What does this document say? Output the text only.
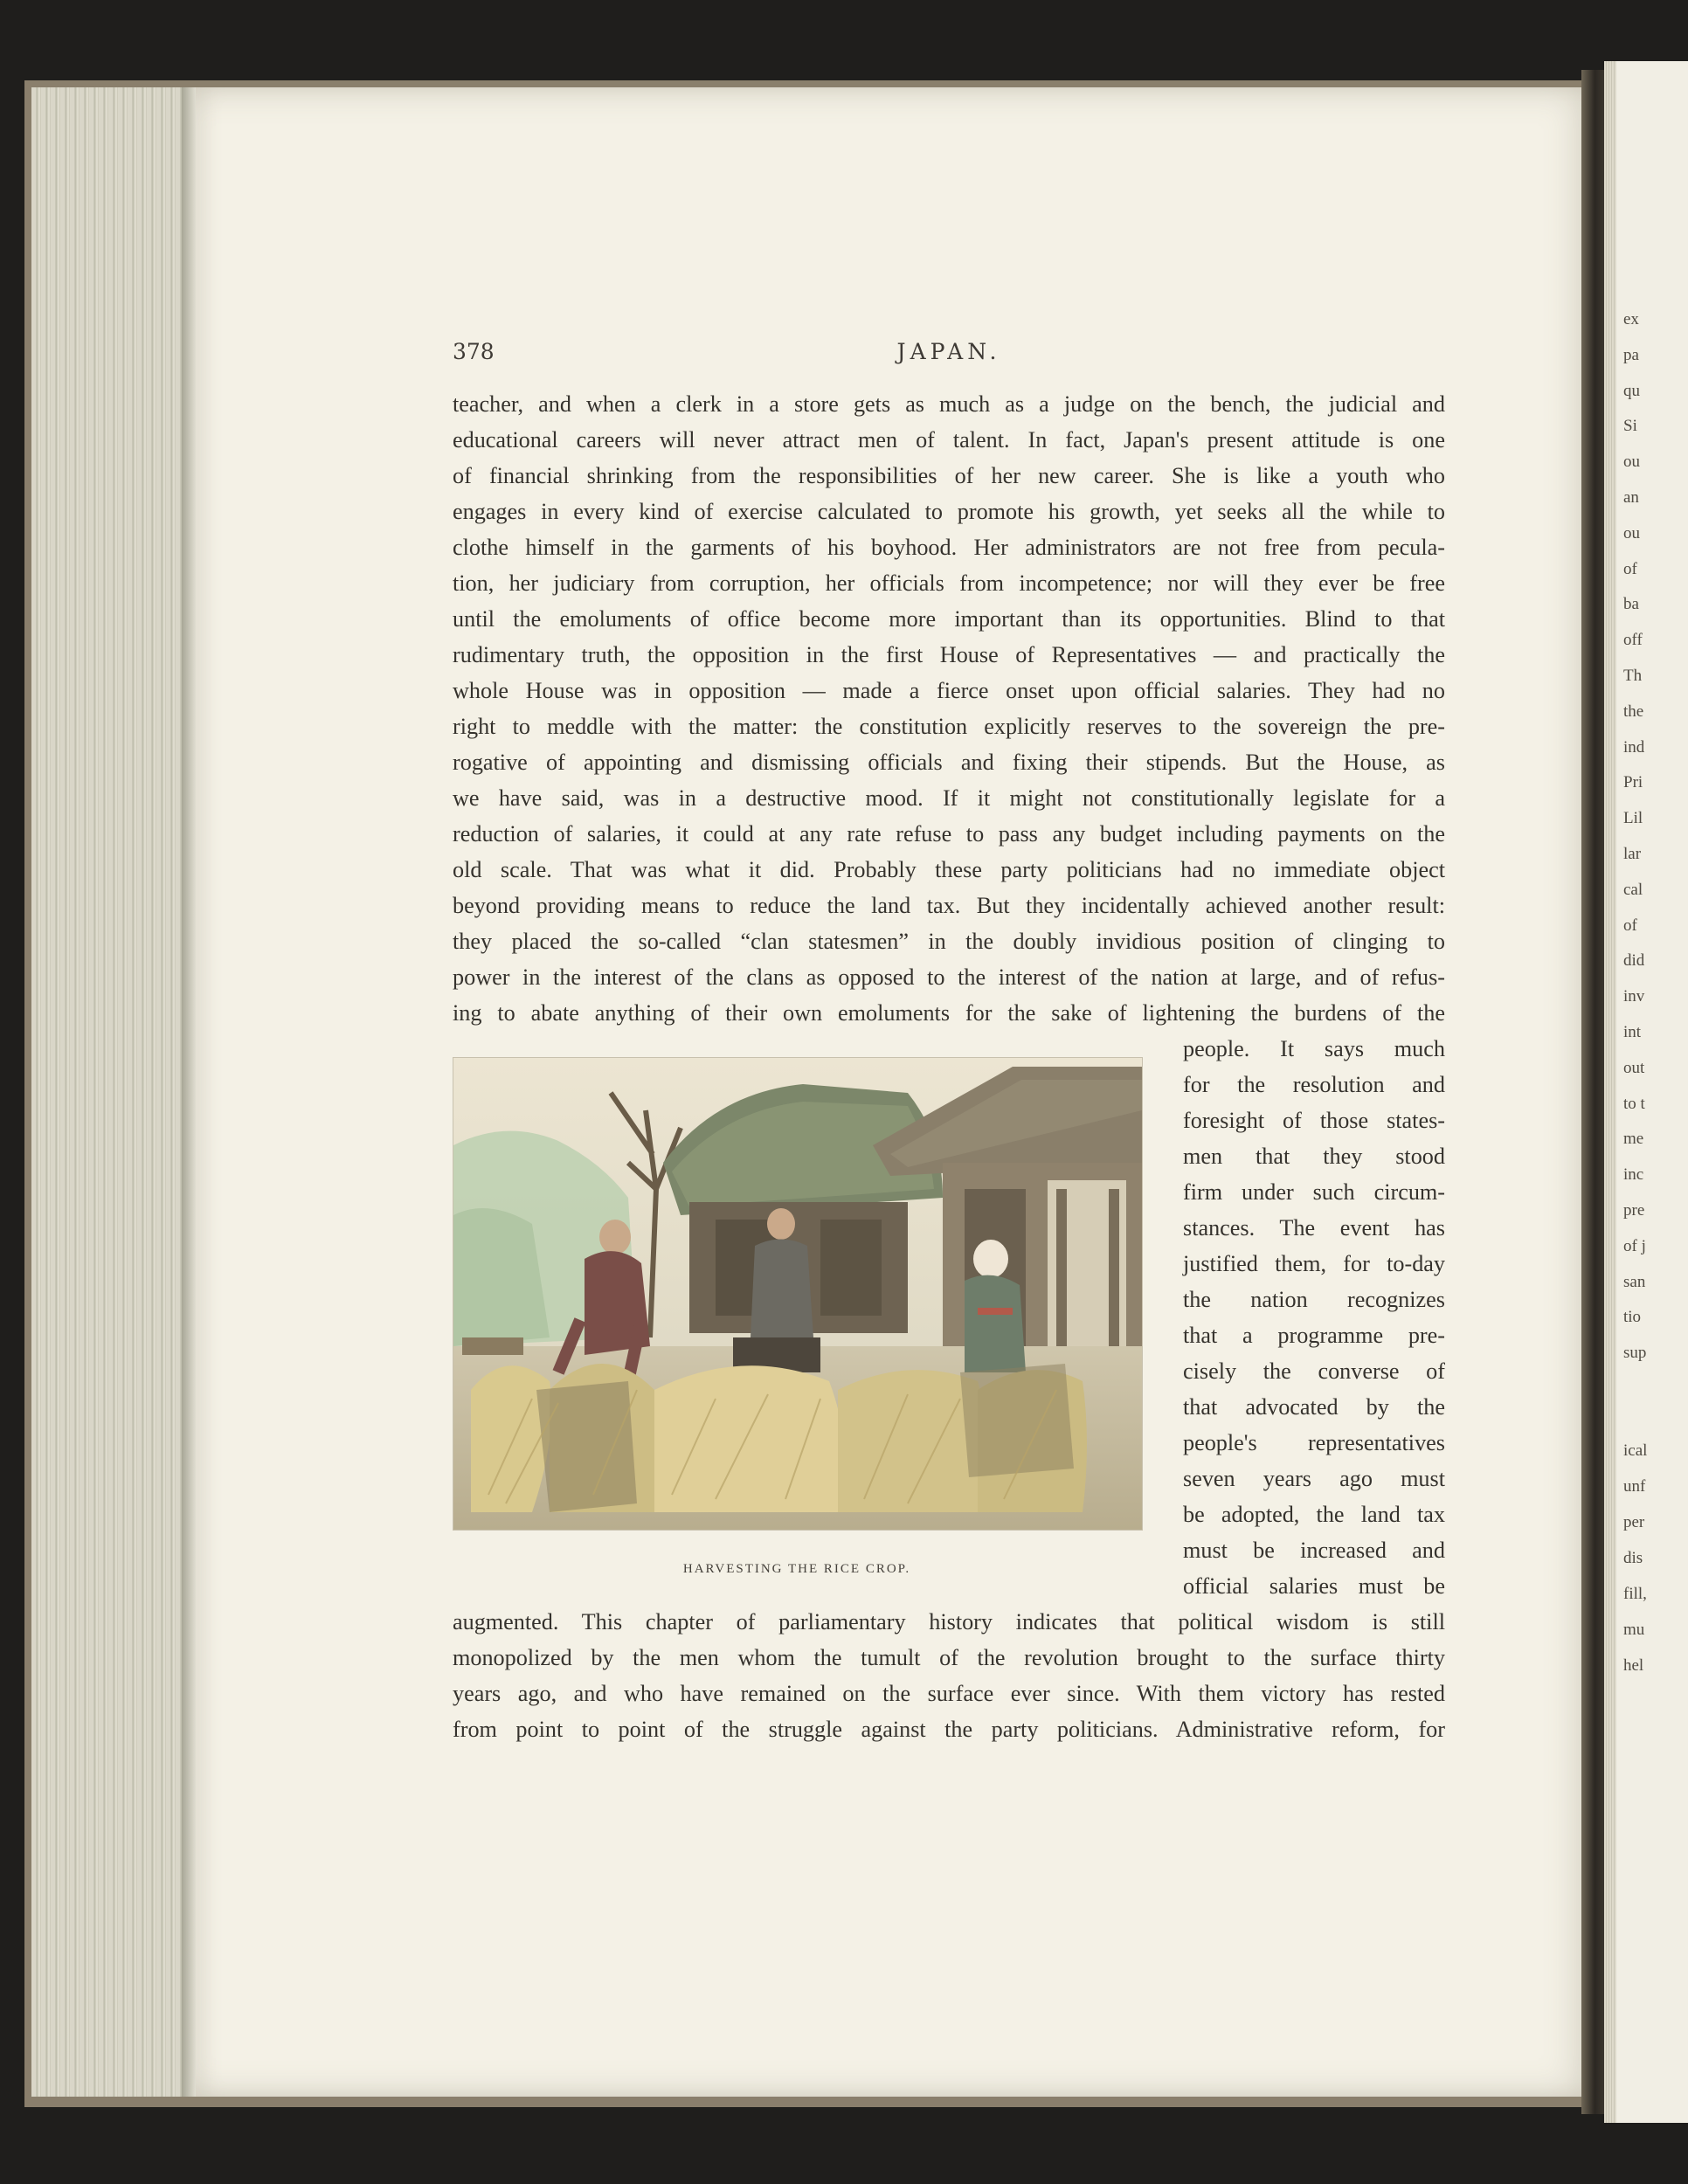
ex
pa
qu
Si
ou
an
ou
of
ba
off
Th
the
ind
Pri
Lil
lar
cal
of
did
inv
int
out
to t
me
inc
pre
of j
san
tio
sup
ical
unf
per
dis
fill,
mu
hel
378	JAPAN.
teacher, and when a clerk in a store gets as much as a judge on the bench, the judicial and
educational careers will never attract men of talent. In fact, Japan's present attitude is one
of financial shrinking from the responsibilities of her new career. She is like a youth who
engages in every kind of exercise calculated to promote his growth, yet seeks all the while to
clothe himself in the garments of his boyhood. Her administrators are not free from pecula-
tion, her judiciary from corruption, her officials from incompetence; nor will they ever be free
until the emoluments of office become more important than its opportunities. Blind to that
rudimentary truth, the opposition in the first House of Representatives — and practically the
whole House was in opposition — made a fierce onset upon official salaries. They had no
right to meddle with the matter: the constitution explicitly reserves to the sovereign the pre-
rogative of appointing and dismissing officials and fixing their stipends. But the House, as
we have said, was in a destructive mood. If it might not constitutionally legislate for a
reduction of salaries, it could at any rate refuse to pass any budget including payments on the
old scale. That was what it did. Probably these party politicians had no immediate object
beyond providing means to reduce the land tax. But they incidentally achieved another result:
they placed the so-called “clan statesmen” in the doubly invidious position of clinging to
power in the interest of the clans as opposed to the interest of the nation at large, and of refus-
ing to abate anything of their own emoluments for the sake of lightening the burdens of the
people. It says much
for the resolution and
foresight of those states-
men that they stood
firm under such circum-
stances. The event has
justified them, for to-day
the nation recognizes
that a programme pre-
cisely the converse of
that advocated by the
people's representatives
seven years ago must
be adopted, the land tax
must be increased and
official salaries must be
augmented. This chapter of parliamentary history indicates that political wisdom is still
monopolized by the men whom the tumult of the revolution brought to the surface thirty
years ago, and who have remained on the surface ever since. With them victory has rested
from point to point of the struggle against the party politicians. Administrative reform, for
HARVESTING THE RICE CROP.
